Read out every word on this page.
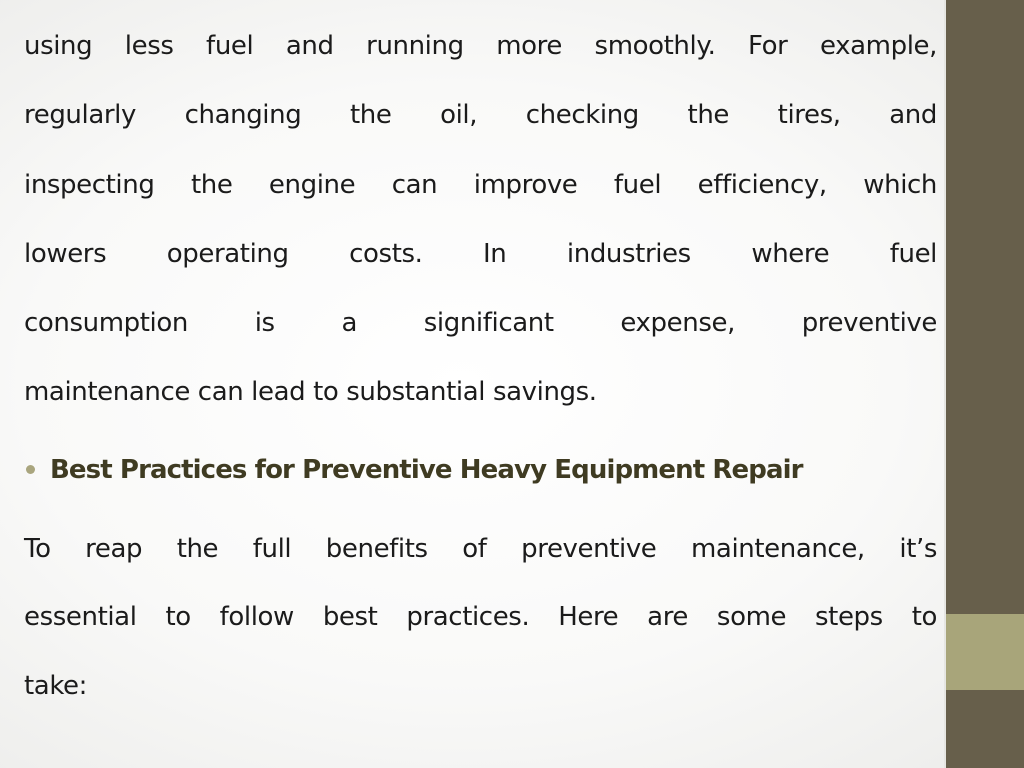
using less fuel and running more smoothly. For example,
regularly changing the oil, checking the tires, and
inspecting the engine can improve fuel efficiency, which
lowers operating costs. In industries where fuel
consumption is a significant expense, preventive
maintenance can lead to substantial savings.
Best Practices for Preventive Heavy Equipment Repair
To reap the full benefits of preventive maintenance, it’s
essential to follow best practices. Here are some steps to
take:
